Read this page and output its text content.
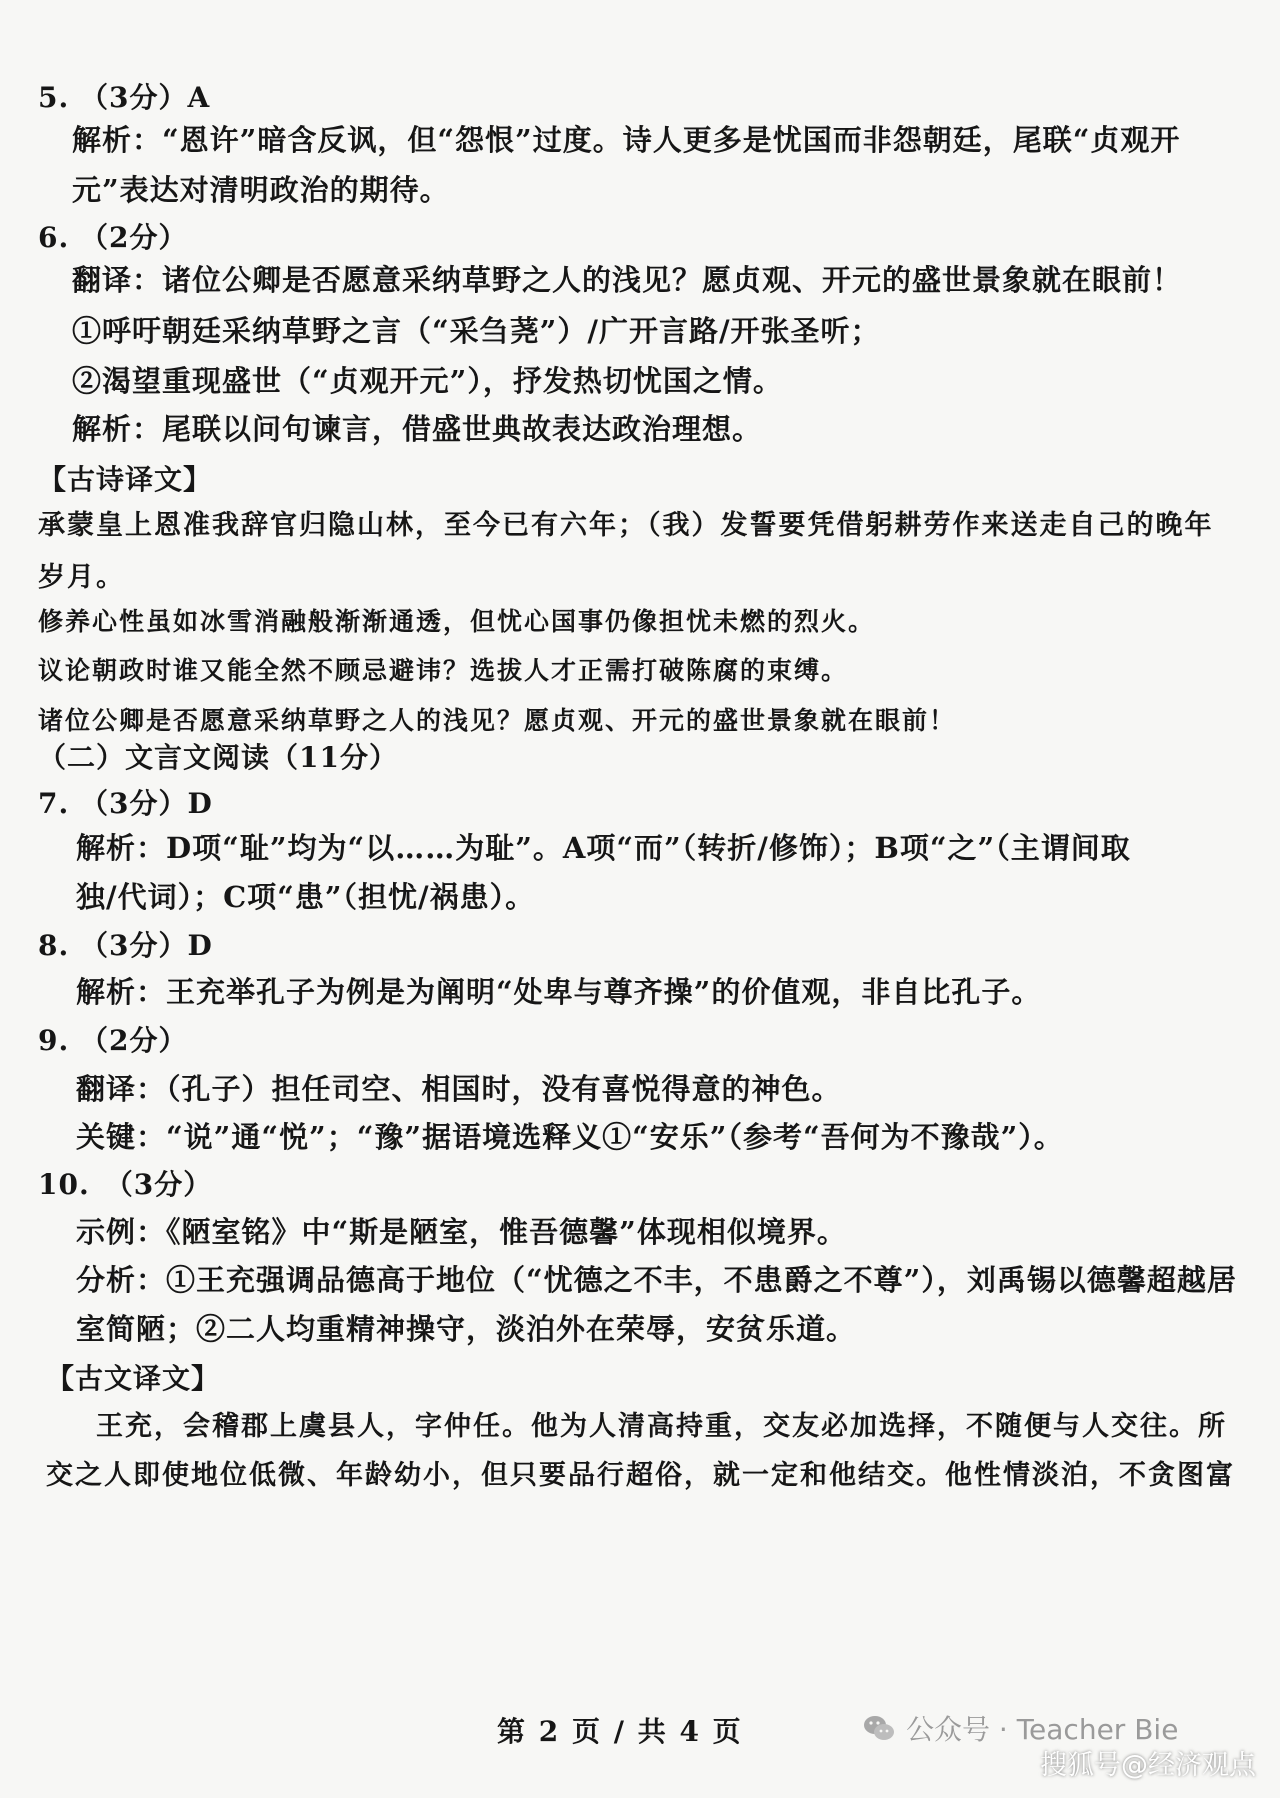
5. （3分）A
解析：“恩许”暗含反讽，但“怨恨”过度。诗人更多是忧国而非怨朝廷，尾联“贞观开
元”表达对清明政治的期待。
6. （2分）
翻译：诸位公卿是否愿意采纳草野之人的浅见？愿贞观、开元的盛世景象就在眼前！
①呼吁朝廷采纳草野之言（“采刍荛”）/广开言路/开张圣听；
②渴望重现盛世（“贞观开元”），抒发热切忧国之情。
解析：尾联以问句谏言，借盛世典故表达政治理想。
【古诗译文】
承蒙皇上恩准我辞官归隐山林，至今已有六年；（我）发誓要凭借躬耕劳作来送走自己的晚年
岁月。
修养心性虽如冰雪消融般渐渐通透，但忧心国事仍像担忧未燃的烈火。
议论朝政时谁又能全然不顾忌避讳？选拔人才正需打破陈腐的束缚。
诸位公卿是否愿意采纳草野之人的浅见？愿贞观、开元的盛世景象就在眼前！
（二）文言文阅读（11分）
7. （3分）D
解析：D项“耻”均为“以……为耻”。A项“而”（转折/修饰）；B项“之”（主谓间取
独/代词）；C项“患”（担忧/祸患）。
8. （3分）D
解析：王充举孔子为例是为阐明“处卑与尊齐操”的价值观，非自比孔子。
9. （2分）
翻译：（孔子）担任司空、相国时，没有喜悦得意的神色。
关键：“说”通“悦”；“豫”据语境选释义①“安乐”（参考“吾何为不豫哉”）。
10.　（3分）
示例：《陋室铭》中“斯是陋室，惟吾德馨”体现相似境界。
分析：①王充强调品德高于地位（“忧德之不丰，不患爵之不尊”），刘禹锡以德馨超越居
室简陋；②二人均重精神操守，淡泊外在荣辱，安贫乐道。
【古文译文】
王充，会稽郡上虞县人，字仲任。他为人清高持重，交友必加选择，不随便与人交往。所
交之人即使地位低微、年龄幼小，但只要品行超俗，就一定和他结交。他性情淡泊，不贪图富
第 2 页 / 共 4 页	公众号 · Teacher Bie
搜狐号@经济观点
